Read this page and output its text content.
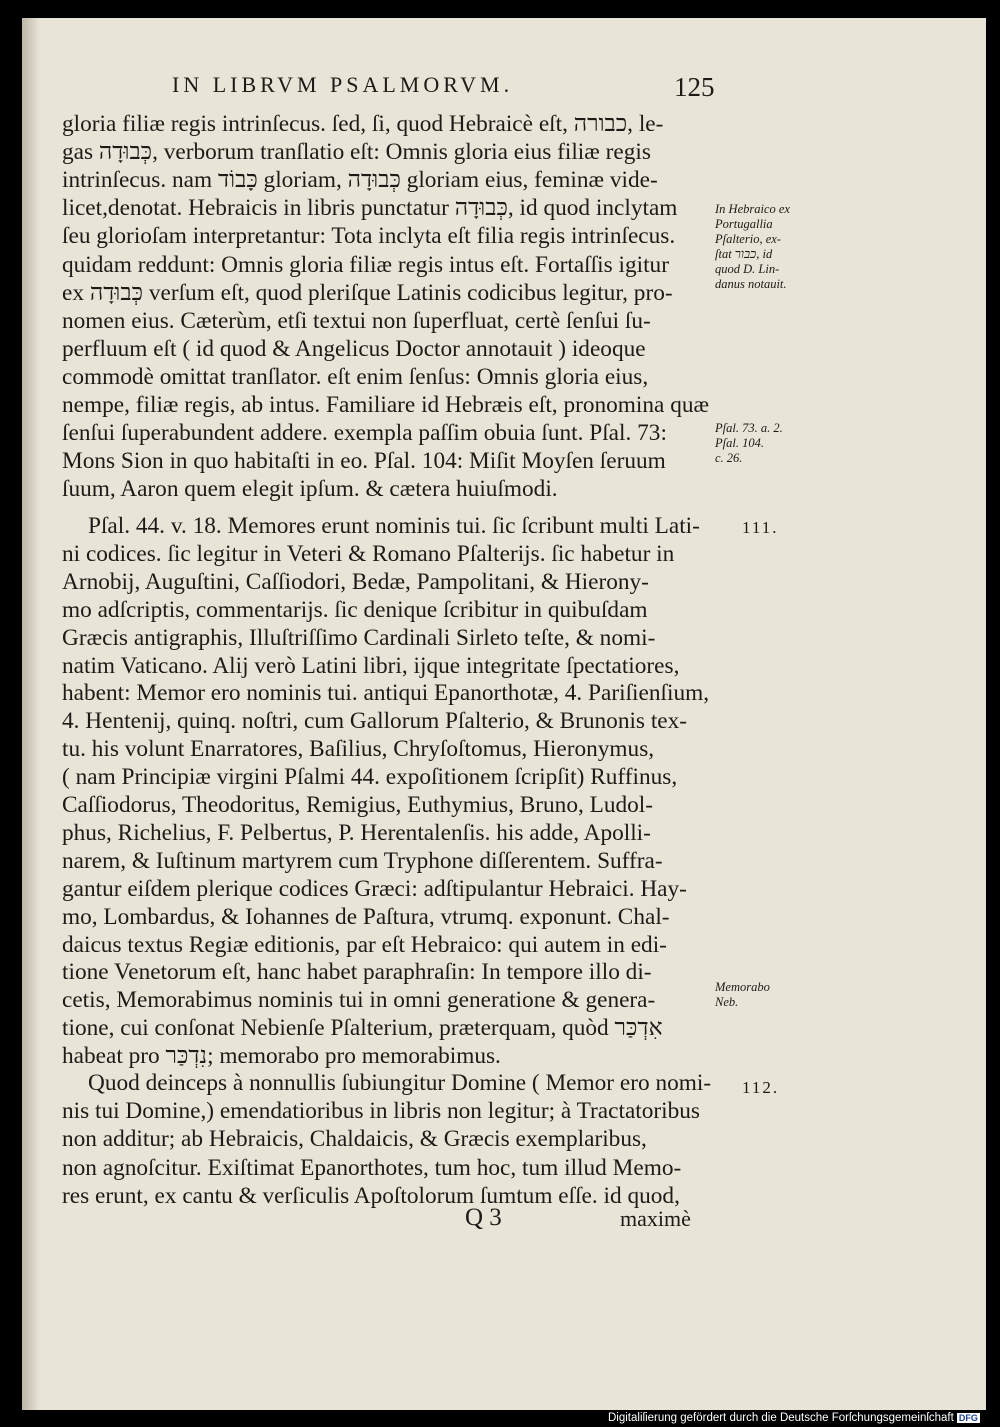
IN LIBRVM PSALMORVM.	125
gloria filiæ regis intrinſecus. ſed, ſi, quod Hebraicè eſt, כבורה, le-
gas כְּבוּדָה, verborum tranſlatio eſt: Omnis gloria eius filiæ regis
intrinſecus. nam כָּבוֹד gloriam, כְּבוּדָה gloriam eius, feminæ vide-
licet,denotat. Hebraicis in libris punctatur כְּבוּדָה, id quod inclytam
ſeu glorioſam interpretantur: Tota inclyta eſt filia regis intrinſecus.
quidam reddunt: Omnis gloria filiæ regis intus eſt. Fortaſſis igitur
ex כְּבוּדָה verſum eſt, quod pleriſque Latinis codicibus legitur, pro-
nomen eius. Cæterùm, etſi textui non ſuperfluat, certè ſenſui ſu-
perfluum eſt ( id quod & Angelicus Doctor annotauit ) ideoque
commodè omittat tranſlator. eſt enim ſenſus: Omnis gloria eius,
nempe, filiæ regis, ab intus. Familiare id Hebræis eſt, pronomina quæ
ſenſui ſuperabundent addere. exempla paſſim obuia ſunt. Pſal. 73:
Mons Sion in quo habitaſti in eo. Pſal. 104: Miſit Moyſen ſeruum
ſuum, Aaron quem elegit ipſum. & cætera huiuſmodi.
Pſal. 44. v. 18. Memores erunt nominis tui. ſic ſcribunt multi Lati-
ni codices. ſic legitur in Veteri & Romano Pſalterijs. ſic habetur in
Arnobij, Auguſtini, Caſſiodori, Bedæ, Pampolitani, & Hierony-
mo adſcriptis, commentarijs. ſic denique ſcribitur in quibuſdam
Græcis antigraphis, Illuſtriſſimo Cardinali Sirleto teſte, & nomi-
natim Vaticano. Alij verò Latini libri, ijque integritate ſpectatiores,
habent: Memor ero nominis tui. antiqui Epanorthotæ, 4. Pariſienſium,
4. Hentenij, quinq. noſtri, cum Gallorum Pſalterio, & Brunonis tex-
tu. his volunt Enarratores, Baſilius, Chryſoſtomus, Hieronymus,
( nam Principiæ virgini Pſalmi 44. expoſitionem ſcripſit) Ruffinus,
Caſſiodorus, Theodoritus, Remigius, Euthymius, Bruno, Ludol-
phus, Richelius, F. Pelbertus, P. Herentalenſis. his adde, Apolli-
narem, & Iuſtinum martyrem cum Tryphone diſſerentem. Suffra-
gantur eiſdem plerique codices Græci: adſtipulantur Hebraici. Hay-
mo, Lombardus, & Iohannes de Paſtura, vtrumq. exponunt. Chal-
daicus textus Regiæ editionis, par eſt Hebraico: qui autem in edi-
tione Venetorum eſt, hanc habet paraphraſin: In tempore illo di-
cetis, Memorabimus nominis tui in omni generatione & genera-
tione, cui conſonat Nebienſe Pſalterium, præterquam, quòd אִדְכַּר
habeat pro נִדְכַּר; memorabo pro memorabimus.
Quod deinceps à nonnullis ſubiungitur Domine ( Memor ero nomi-
nis tui Domine,) emendatioribus in libris non legitur; à Tractatoribus
non additur; ab Hebraicis, Chaldaicis, & Græcis exemplaribus,
non agnoſcitur. Exiſtimat Epanorthotes, tum hoc, tum illud Memo-
res erunt, ex cantu & verſiculis Apoſtolorum ſumtum eſſe. id quod,
In Hebraico ex
Portugallia
Pſalterio, ex-
ſtat כבור, id
quod D. Lin-
danus notauit.
Pſal. 73. a. 2.
Pſal. 104.
c. 26.
Memorabo
Neb.
111.
112.
Q 3	maximè
Digitaliſierung gefördert durch die Deutsche Forſchungsgemeinſchaft DFG
